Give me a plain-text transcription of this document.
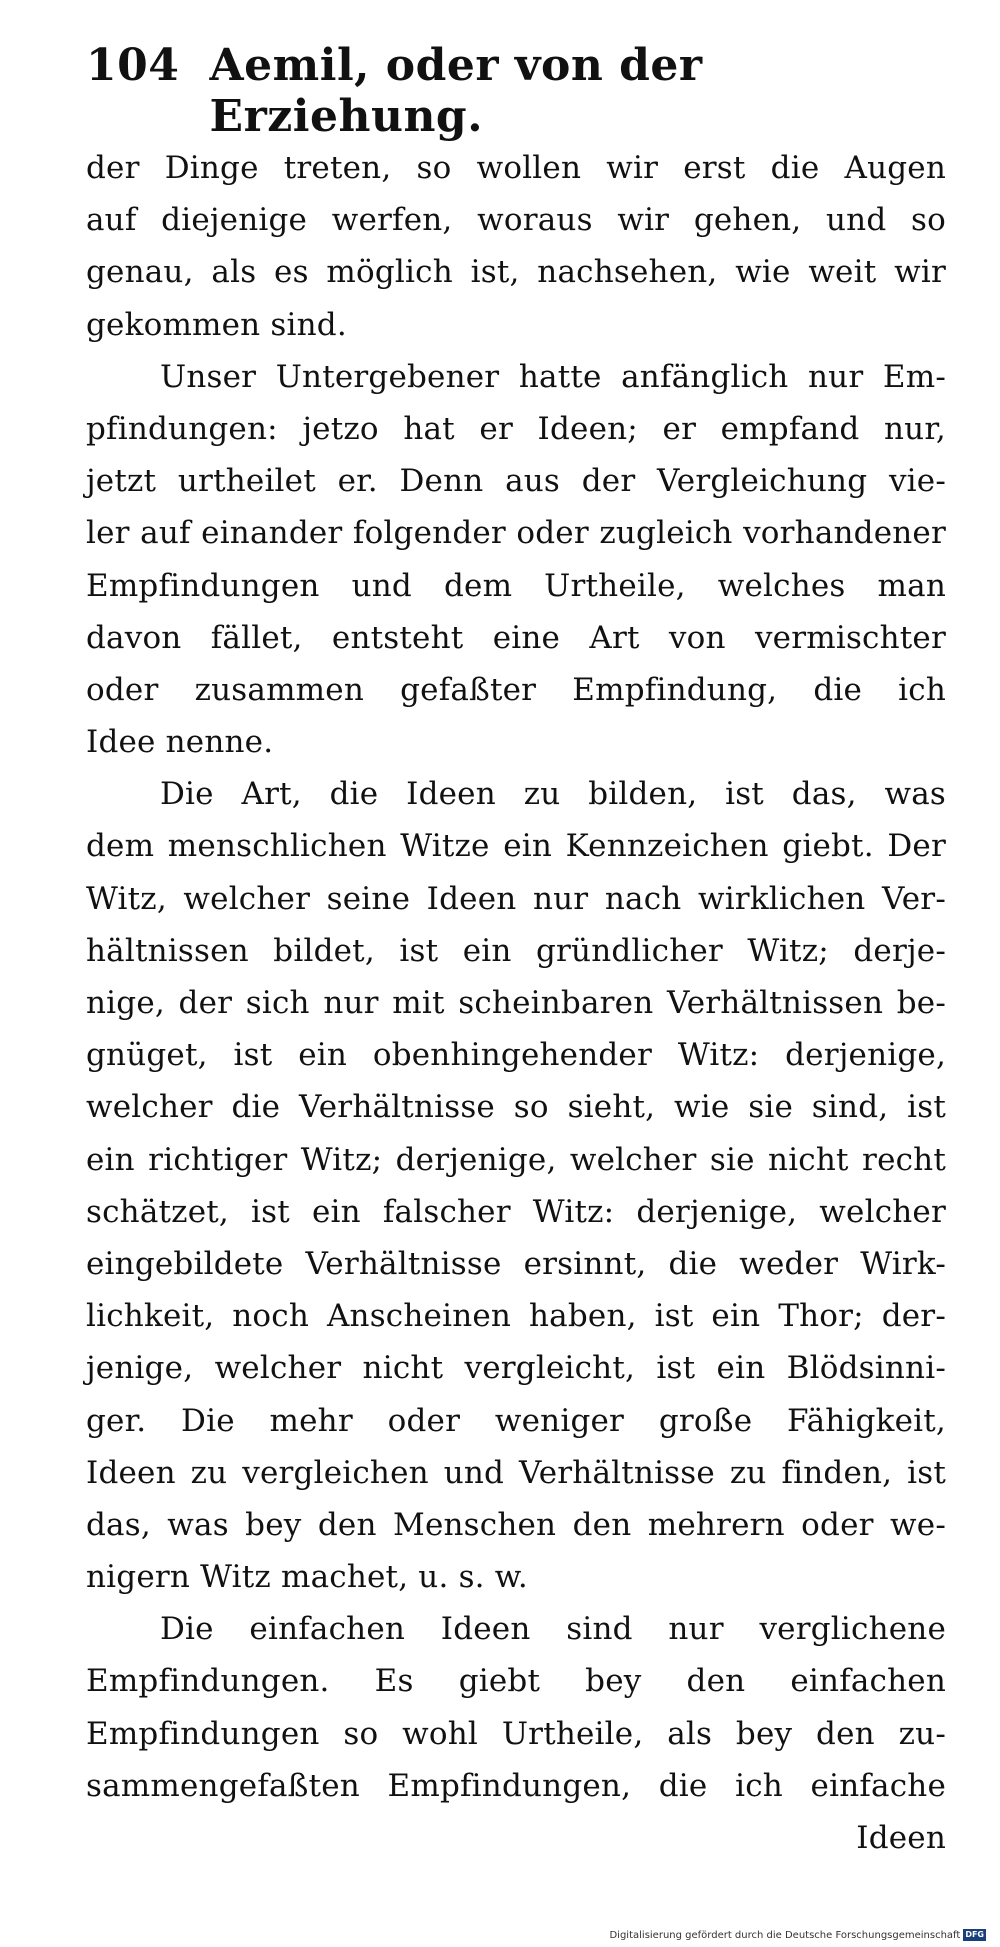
104 Aemil, oder von der Erziehung.
der Dinge treten, so wollen wir erst die Augen
auf diejenige werfen, woraus wir gehen, und so
genau, als es möglich ist, nachsehen, wie weit wir
gekommen sind.
Unser Untergebener hatte anfänglich nur Em-
pfindungen: jetzo hat er Ideen; er empfand nur,
jetzt urtheilet er. Denn aus der Vergleichung vie-
ler auf einander folgender oder zugleich vorhandener
Empfindungen und dem Urtheile, welches man
davon fället, entsteht eine Art von vermischter
oder zusammen gefaßter Empfindung, die ich
Idee nenne.
Die Art, die Ideen zu bilden, ist das, was
dem menschlichen Witze ein Kennzeichen giebt. Der
Witz, welcher seine Ideen nur nach wirklichen Ver-
hältnissen bildet, ist ein gründlicher Witz; derje-
nige, der sich nur mit scheinbaren Verhältnissen be-
gnüget, ist ein obenhingehender Witz: derjenige,
welcher die Verhältnisse so sieht, wie sie sind, ist
ein richtiger Witz; derjenige, welcher sie nicht recht
schätzet, ist ein falscher Witz: derjenige, welcher
eingebildete Verhältnisse ersinnt, die weder Wirk-
lichkeit, noch Anscheinen haben, ist ein Thor; der-
jenige, welcher nicht vergleicht, ist ein Blödsinni-
ger. Die mehr oder weniger große Fähigkeit,
Ideen zu vergleichen und Verhältnisse zu finden, ist
das, was bey den Menschen den mehrern oder we-
nigern Witz machet, u. s. w.
Die einfachen Ideen sind nur verglichene
Empfindungen. Es giebt bey den einfachen
Empfindungen so wohl Urtheile, als bey den zu-
sammengefaßten Empfindungen, die ich einfache
Ideen
Digitalisierung gefördert durch die Deutsche Forschungsgemeinschaft DFG
